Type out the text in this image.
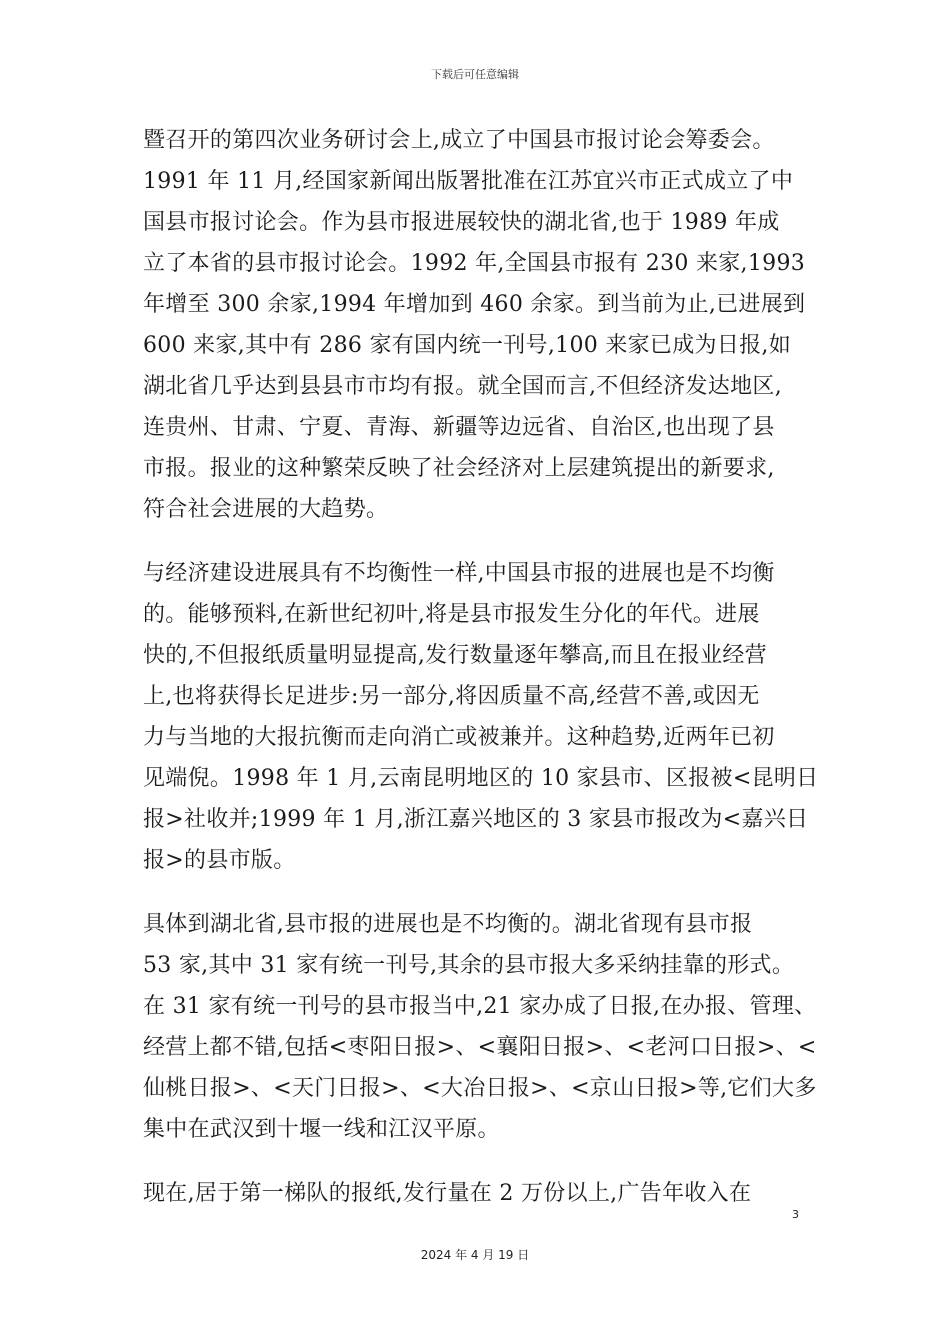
下载后可任意编辑

暨召开的第四次业务研讨会上,成立了中国县市报讨论会筹委会。
1991 年 11 月,经国家新闻出版署批准在江苏宜兴市正式成立了中
国县市报讨论会。作为县市报进展较快的湖北省,也于 1989 年成
立了本省的县市报讨论会。1992 年,全国县市报有 230 来家,1993
年增至 300 余家,1994 年增加到 460 余家。到当前为止,已进展到
600 来家,其中有 286 家有国内统一刊号,100 来家已成为日报,如
湖北省几乎达到县县市市均有报。就全国而言,不但经济发达地区,
连贵州、甘肃、宁夏、青海、新疆等边远省、自治区,也出现了县
市报。报业的这种繁荣反映了社会经济对上层建筑提出的新要求,
符合社会进展的大趋势。

与经济建设进展具有不均衡性一样,中国县市报的进展也是不均衡
的。能够预料,在新世纪初叶,将是县市报发生分化的年代。进展
快的,不但报纸质量明显提高,发行数量逐年攀高,而且在报业经营
上,也将获得长足进步:另一部分,将因质量不高,经营不善,或因无
力与当地的大报抗衡而走向消亡或被兼并。这种趋势,近两年已初
见端倪。1998 年 1 月,云南昆明地区的 10 家县市、区报被<昆明日
报>社收并;1999 年 1 月,浙江嘉兴地区的 3 家县市报改为<嘉兴日
报>的县市版。

具体到湖北省,县市报的进展也是不均衡的。湖北省现有县市报
53 家,其中 31 家有统一刊号,其余的县市报大多采纳挂靠的形式。
在 31 家有统一刊号的县市报当中,21 家办成了日报,在办报、管理、
经营上都不错,包括<枣阳日报>、<襄阳日报>、<老河口日报>、<
仙桃日报>、<天门日报>、<大冶日报>、<京山日报>等,它们大多
集中在武汉到十堰一线和江汉平原。

现在,居于第一梯队的报纸,发行量在 2 万份以上,广告年收入在

3
2024 年 4 月 19 日
